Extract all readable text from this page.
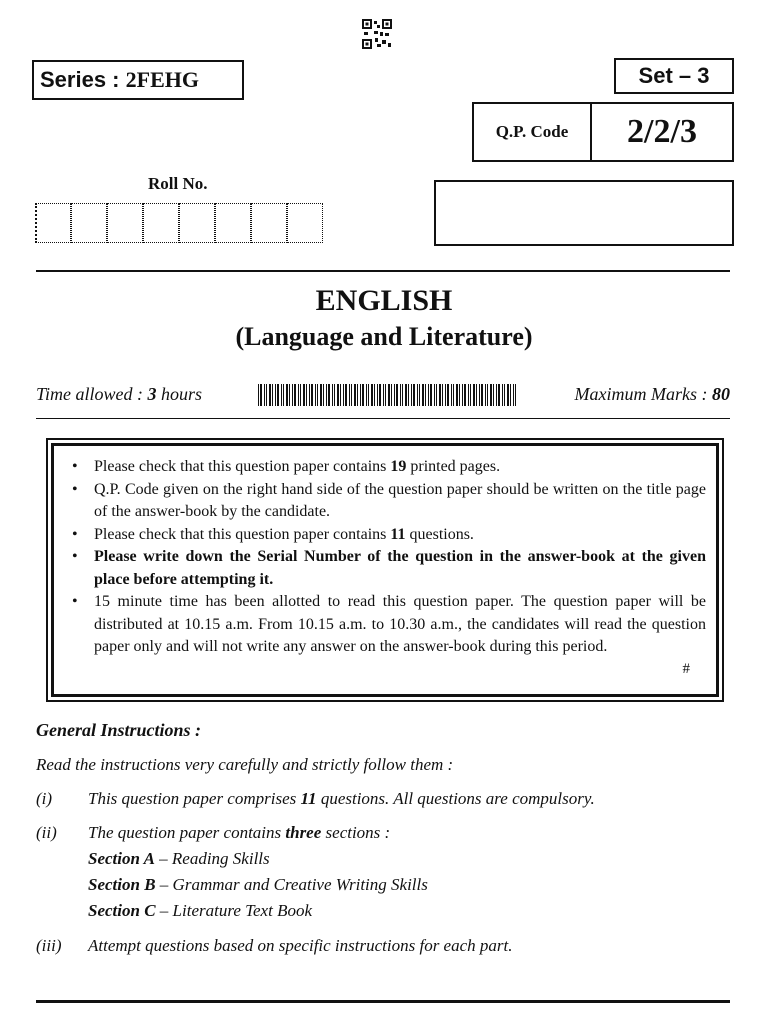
Series : 2FEHG	Set – 3
Q.P. Code	2/2/3
Roll No.
ENGLISH
(Language and Literature)
Time allowed : 3 hours	Maximum Marks : 80
• Please check that this question paper contains 19 printed pages.
• Q.P. Code given on the right hand side of the question paper should be written on the title page of the answer-book by the candidate.
• Please check that this question paper contains 11 questions.
• Please write down the Serial Number of the question in the answer-book at the given place before attempting it.
• 15 minute time has been allotted to read this question paper. The question paper will be distributed at 10.15 a.m. From 10.15 a.m. to 10.30 a.m., the candidates will read the question paper only and will not write any answer on the answer-book during this period.
#
General Instructions :
Read the instructions very carefully and strictly follow them :
(i) This question paper comprises 11 questions. All questions are compulsory.
(ii) The question paper contains three sections :
Section A – Reading Skills
Section B – Grammar and Creative Writing Skills
Section C – Literature Text Book
(iii) Attempt questions based on specific instructions for each part.
